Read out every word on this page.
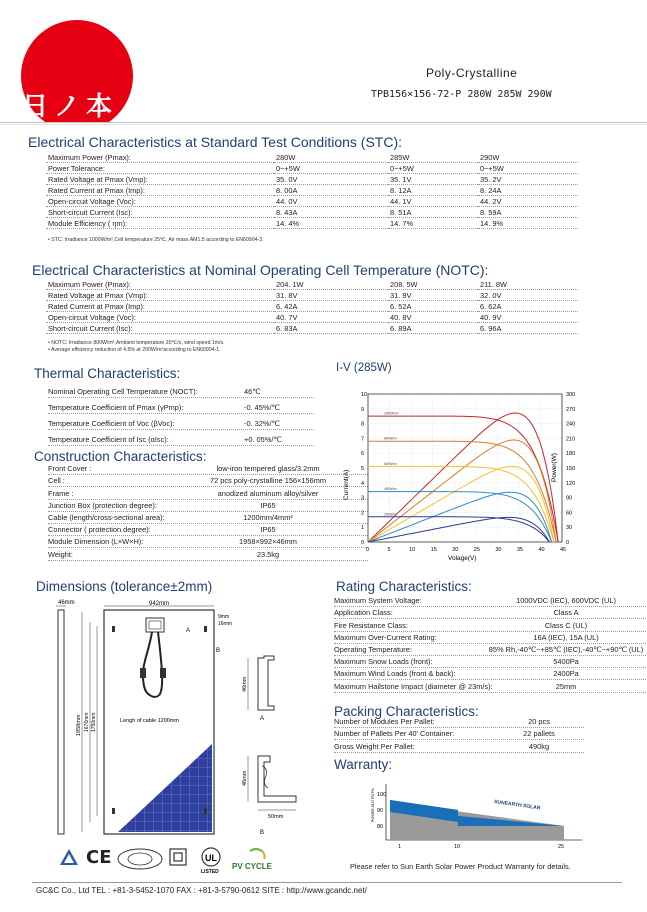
日ノ本
Poly-Crystalline
TPB156×156-72-P 280W 285W 290W
Electrical Characteristics at Standard Test Conditions (STC):
Maximum Power (Pmax):	280W	285W	290W
Power Tolerance:	0~+5W	0~+5W	0~+5W
Rated Voltage at Pmax (Vmp):	35. 0V	35. 1V	35. 2V
Rated Current at Pmax (Imp):	8. 00A	8. 12A	8. 24A
Open-circuit Voltage (Voc):	44. 0V	44. 1V	44. 2V
Short-circuit Current (Isc):	8. 43A	8. 51A	8. 59A
Module Efficiency ( ηm):	14. 4%	14. 7%	14. 9%
• STC: Irradiance 1000W/m²,Cell temperature 25℃, Air mass AM1.5 according to EN60904-3.
Electrical Characteristics at Nominal Operating Cell Temperature (NOTC):
Maximum Power (Pmax):	204. 1W	208. 5W	211. 8W
Rated Voltage at Pmax (Vmp):	31. 8V	31. 9V	32. 0V
Rated Current at Pmax (Imp):	6. 42A	6. 52A	6. 62A
Open-circuit Voltage (Voc):	40. 7V	40. 8V	40. 9V
Short-circuit Current (Isc):	6. 83A	6. 89A	6. 96A
• NOTC: Irradiance 800W/m²,Ambient temperature 20℃/s, wind speed 1m/s.
• Average efficiency reduction of 4.5% at 200W/m²according to EN60904-1.
Thermal Characteristics:
Nominal Operating Cell Temperature (NOCT):	46℃
Temperature Coefficient of Pmax (γPmp):	-0. 45%/℃
Temperature Coefficient of Voc (βVoc):	-0. 32%/℃
Temperature Coefficient of Isc (αIsc):	+0. 05%/℃
Construction Characteristics:
Front Cover :	low-iron tempered glass/3.2mm
Cell :	72 pcs poly-crystalline 156×156mm
Frame :	anodized aluminum alloy/silver
Junction Box (protection degree):	IP65
Cable (length/cross-sectional area):	1200mm/4mm²
Connector ( protection degree):	IP65
Module Dimension (L×W×H):	1958×992×46mm
Weight:	23.5kg
I-V (285W)
0	5	10	15	20	25	30	35	40	45
0
1
2
3
4
5
6
7
8
9
10
0
30
60
90
120
150
180
210
240
270
300
Current(A)
Power(W)
Volage(V)
1000W/m²
800W/m²
600W/m²
400W/m²
200W/m²
Dimensions (tolerance±2mm)
46mm
1958mm 1676mm 1750mm
942mm
Lengh of cable 1200mm
A
B
9mm
16mm
46mm
A
46mm
50mm
B
Rating Characteristics:
Maximum System Voltage:	1000VDC (IEC), 600VDC (UL)
Application Class:	Class A
Fire Resistance Class:	Class C (UL)
Maximum Over-Current Rating:	16A (IEC), 15A (UL)
Operating Temperature:	85% Rh,-40℃~+85℃ (IEC),-40℃~+90℃ (UL)
Maximum Snow Loads (front):	5400Pa
Maximum Wind Loads (front & back):	2400Pa
Maximum Hailstone Impact (diameter @ 23m/s):	25mm
Packing Characteristics:
Number of Modules Per Pallet:	20 pcs
Number of Pallets Per 40' Container:	22 pallets
Gross Weight Per Pallet:	490kg
Warranty:
SUNEARTH SOLAR
POWER OUT PUT% 100
90
80
1	10	25
Please refer to Sun Earth Solar Power Product Warranty for details.
CE	UL
LISTED
PV CYCLE
GC&C Co., Ltd TEL : +81-3-5452-1070 FAX : +81-3-5790-0612 SITE : http://www.gcandc.net/
